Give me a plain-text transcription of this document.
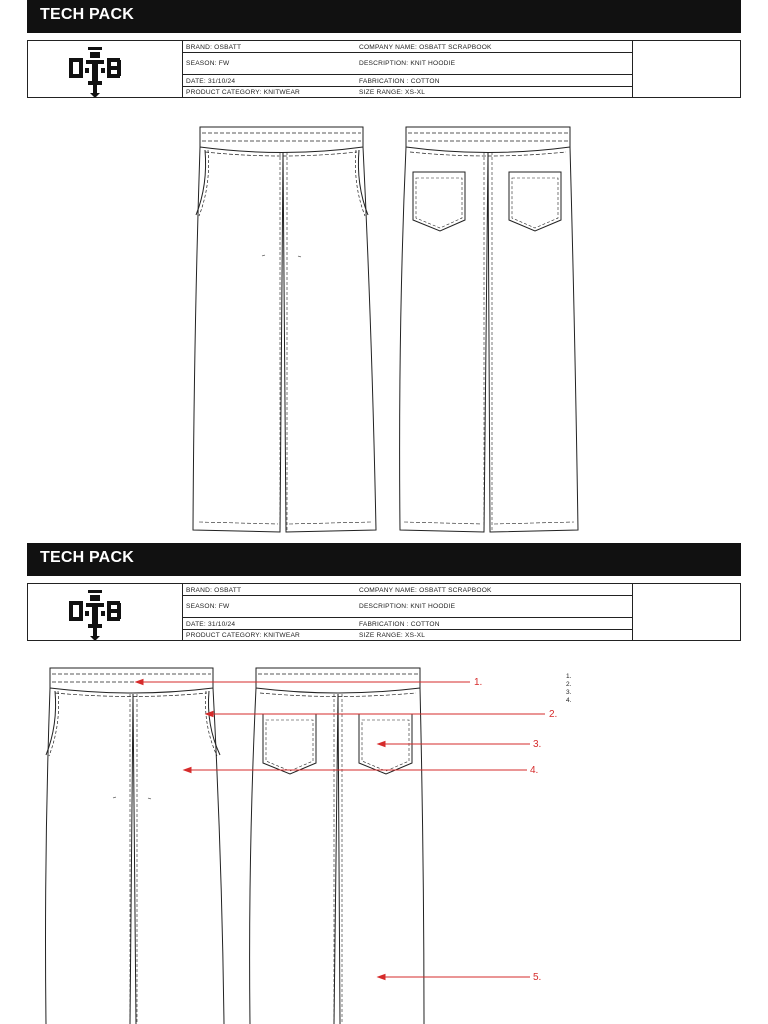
TECH PACK
BRAND: OSBATT	COMPANY NAME: OSBATT SCRAPBOOK
SEASON: FW	DESCRIPTION: KNIT HOODIE
DATE: 31/10/24	FABRICATION : COTTON
PRODUCT CATEGORY: KNITWEAR	SIZE RANGE: XS-XL
TECH PACK
BRAND: OSBATT	COMPANY NAME: OSBATT SCRAPBOOK
SEASON: FW	DESCRIPTION: KNIT HOODIE
DATE: 31/10/24	FABRICATION : COTTON
PRODUCT CATEGORY: KNITWEAR	SIZE RANGE: XS-XL
1.
2.
3.
4.
5.
1.
2.
3.
4.
